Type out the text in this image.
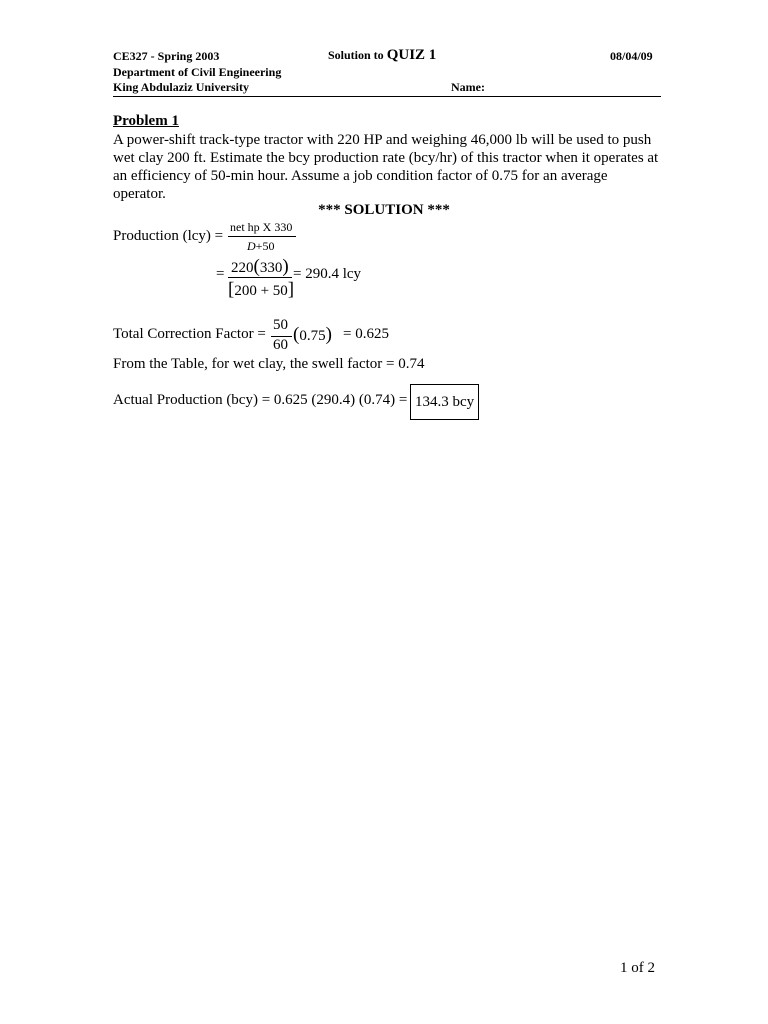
CE327 - Spring 2003
Department of Civil Engineering
King Abdulaziz University
Solution to QUIZ 1	08/04/09
Name:
Problem 1
A power-shift track-type tractor with 220 HP and weighing 46,000 lb will be used to push wet clay 200 ft. Estimate the bcy production rate (bcy/hr) of this tractor when it operates at an efficiency of 50-min hour. Assume a job condition factor of 0.75 for an average operator.
*** SOLUTION ***
Production (lcy) =
net hp X 330
D+50
= 220(330)
[200 + 50]
= 290.4 lcy
Total Correction Factor =
50
60 (0.75) = 0.625
From the Table, for wet clay, the swell factor = 0.74
Actual Production (bcy) = 0.625 (290.4) (0.74) = 134.3 bcy
1 of 2
